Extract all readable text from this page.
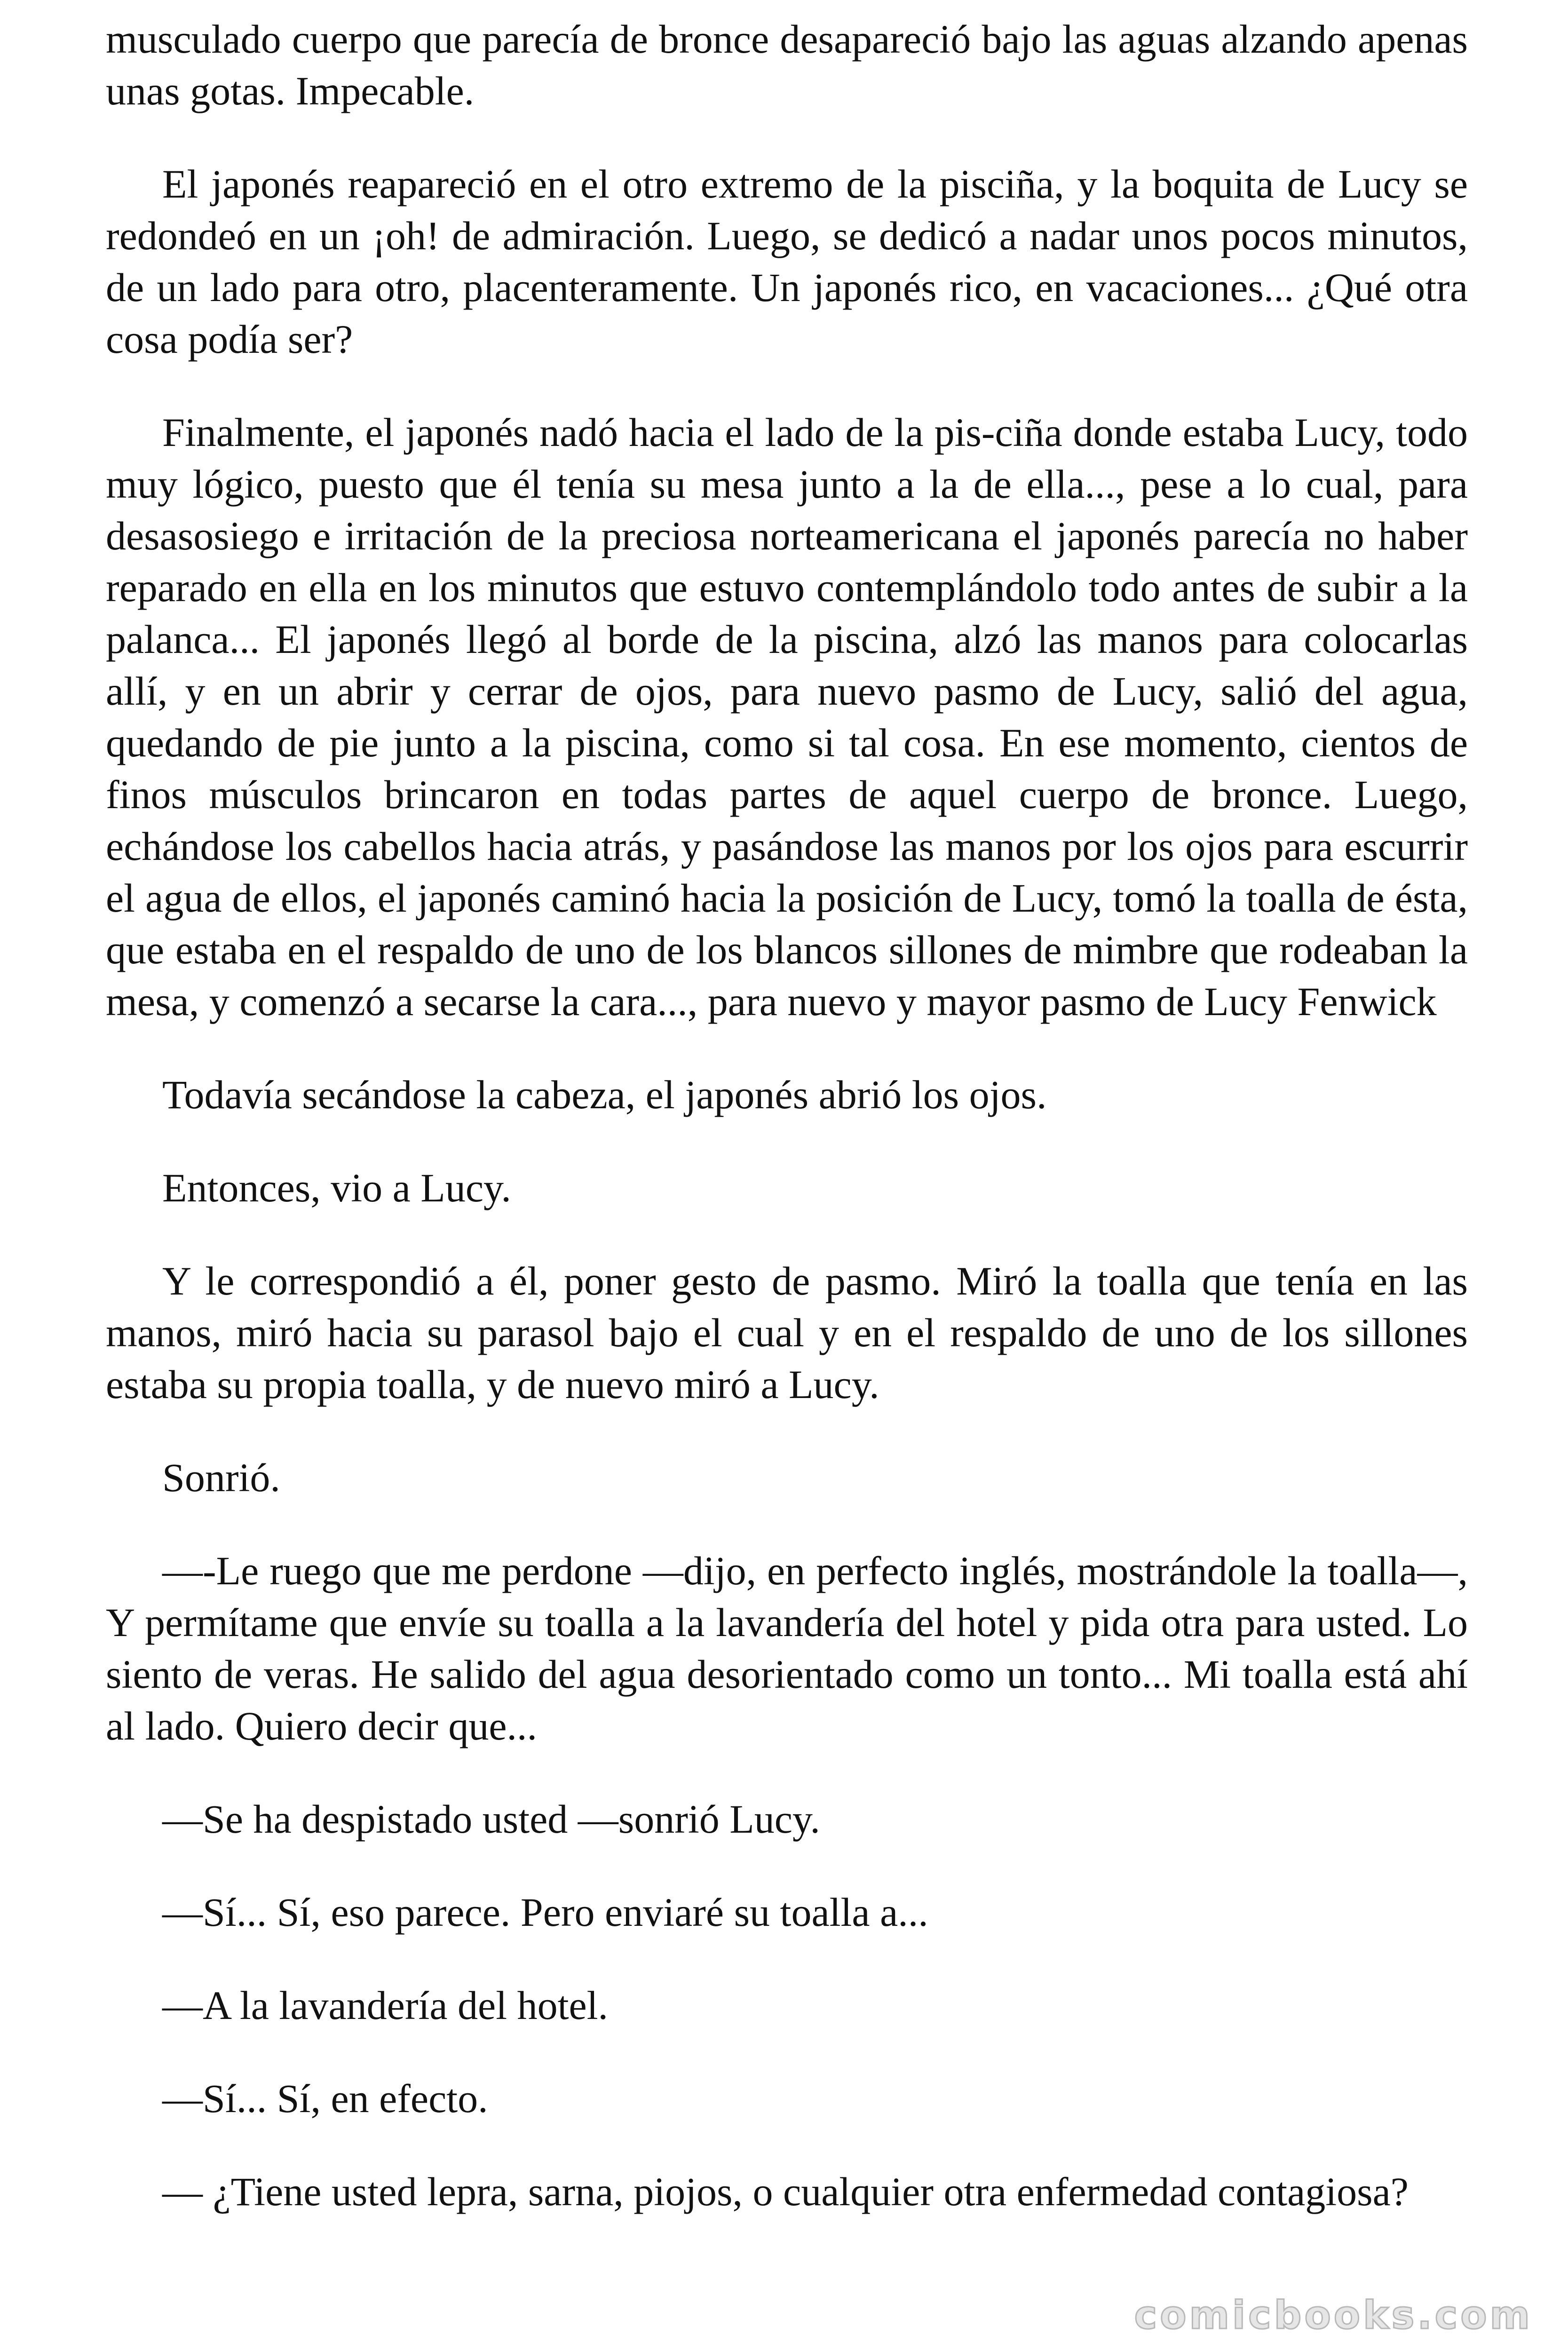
musculado cuerpo que parecía de bronce desapareció bajo las aguas alzando apenas unas gotas. Impecable.

El japonés reapareció en el otro extremo de la pisciña, y la boquita de Lucy se redondeó en un ¡oh! de admiración. Luego, se dedicó a nadar unos pocos minutos, de un lado para otro, placenteramente. Un japonés rico, en vacaciones... ¿Qué otra cosa podía ser?

Finalmente, el japonés nadó hacia el lado de la pis-ciña donde estaba Lucy, todo muy lógico, puesto que él tenía su mesa junto a la de ella..., pese a lo cual, para desasosiego e irritación de la preciosa norteamericana el japonés parecía no haber reparado en ella en los minutos que estuvo contemplándolo todo antes de subir a la palanca... El japonés llegó al borde de la piscina, alzó las manos para colocarlas allí, y en un abrir y cerrar de ojos, para nuevo pasmo de Lucy, salió del agua, quedando de pie junto a la piscina, como si tal cosa. En ese momento, cientos de finos músculos brincaron en todas partes de aquel cuerpo de bronce. Luego, echándose los cabellos hacia atrás, y pasándose las manos por los ojos para escurrir el agua de ellos, el japonés caminó hacia la posición de Lucy, tomó la toalla de ésta, que estaba en el respaldo de uno de los blancos sillones de mimbre que rodeaban la mesa, y comenzó a secarse la cara..., para nuevo y mayor pasmo de Lucy Fenwick

Todavía secándose la cabeza, el japonés abrió los ojos.

Entonces, vio a Lucy.

Y le correspondió a él, poner gesto de pasmo. Miró la toalla que tenía en las manos, miró hacia su parasol bajo el cual y en el respaldo de uno de los sillones estaba su propia toalla, y de nuevo miró a Lucy.

Sonrió.

—-Le ruego que me perdone —dijo, en perfecto inglés, mostrándole la toalla—, Y permítame que envíe su toalla a la lavandería del hotel y pida otra para usted. Lo siento de veras. He salido del agua desorientado como un tonto... Mi toalla está ahí al lado. Quiero decir que...

—Se ha despistado usted —sonrió Lucy.

—Sí... Sí, eso parece. Pero enviaré su toalla a...

—A la lavandería del hotel.

—Sí... Sí, en efecto.

— ¿Tiene usted lepra, sarna, piojos, o cualquier otra enfermedad contagiosa?

comicbooks.com
